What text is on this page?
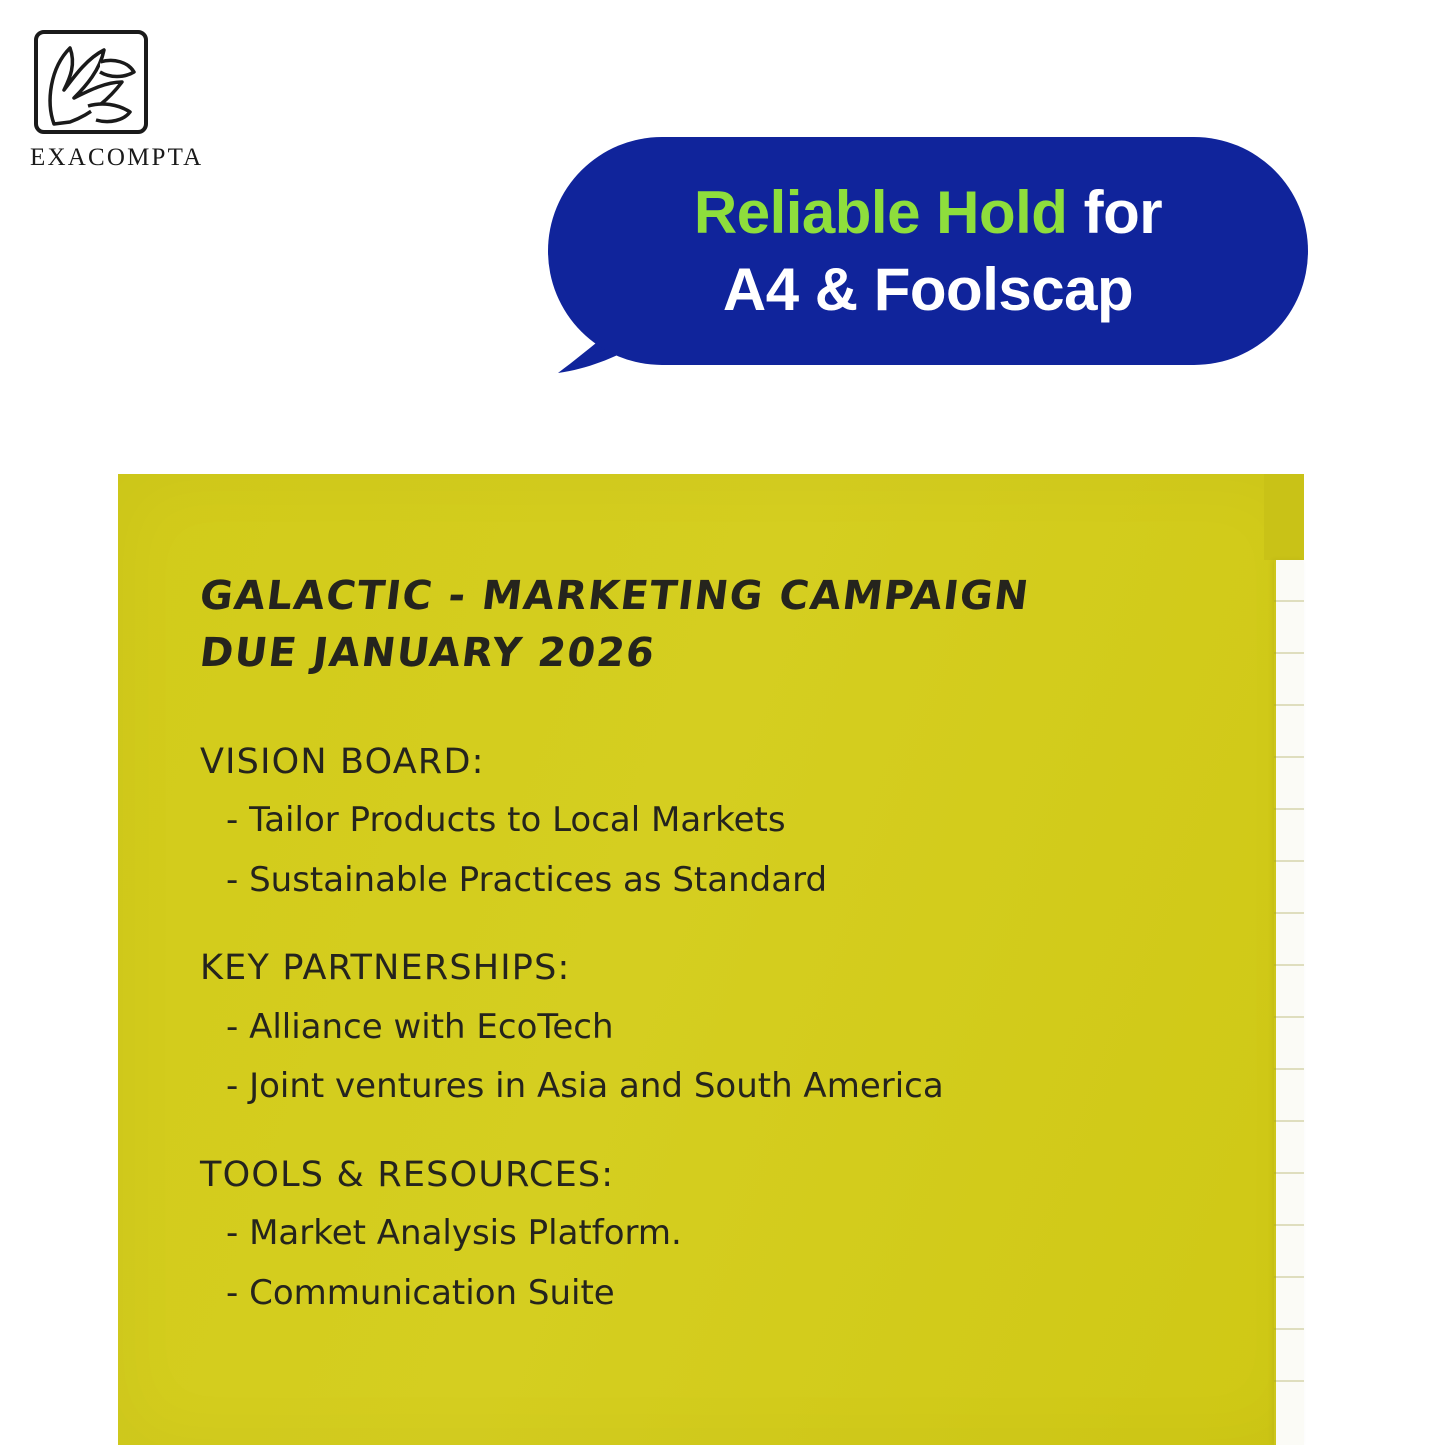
EXACOMPTA
Reliable Hold for
A4 & Foolscap
GALACTIC - MARKETING CAMPAIGN
DUE JANUARY 2026
VISION BOARD:
- Tailor Products to Local Markets
- Sustainable Practices as Standard
KEY PARTNERSHIPS:
- Alliance with EcoTech
- Joint ventures in Asia and South America
TOOLS & RESOURCES:
- Market Analysis Platform.
- Communication Suite
